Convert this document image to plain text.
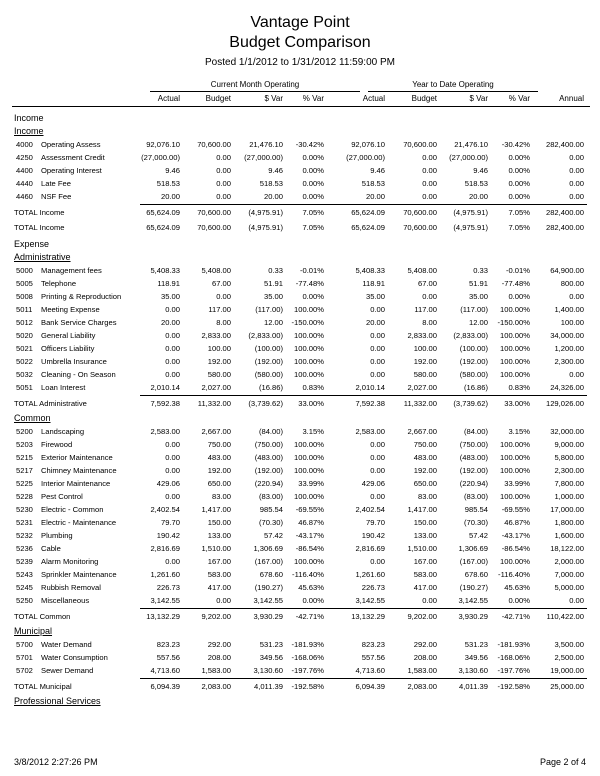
Vantage Point
Budget Comparison
Posted 1/1/2012 to 1/31/2012 11:59:00 PM
Current Month Operating	Year to Date Operating
Actual	Budget	$ Var	% Var	Actual	Budget	$ Var	% Var	Annual
Income
Income
4000 Operating Assess	92,076.10	70,600.00	21,476.10	-30.42%	92,076.10	70,600.00	21,476.10	-30.42%	282,400.00
4250 Assessment Credit	(27,000.00)	0.00	(27,000.00)	0.00%	(27,000.00)	0.00	(27,000.00)	0.00%	0.00
4400 Operating Interest	9.46	0.00	9.46	0.00%	9.46	0.00	9.46	0.00%	0.00
4440 Late Fee	518.53	0.00	518.53	0.00%	518.53	0.00	518.53	0.00%	0.00
4460 NSF Fee	20.00	0.00	20.00	0.00%	20.00	0.00	20.00	0.00%	0.00
TOTAL Income	65,624.09	70,600.00	(4,975.91)	7.05%	65,624.09	70,600.00	(4,975.91)	7.05%	282,400.00
TOTAL Income	65,624.09	70,600.00	(4,975.91)	7.05%	65,624.09	70,600.00	(4,975.91)	7.05%	282,400.00
Expense
Administrative
5000 Management fees	5,408.33	5,408.00	0.33	-0.01%	5,408.33	5,408.00	0.33	-0.01%	64,900.00
5005 Telephone	118.91	67.00	51.91	-77.48%	118.91	67.00	51.91	-77.48%	800.00
5008 Printing & Reproduction	35.00	0.00	35.00	0.00%	35.00	0.00	35.00	0.00%	0.00
5011 Meeting Expense	0.00	117.00	(117.00)	100.00%	0.00	117.00	(117.00)	100.00%	1,400.00
5012 Bank Service Charges	20.00	8.00	12.00	-150.00%	20.00	8.00	12.00	-150.00%	100.00
5020 General Liability	0.00	2,833.00	(2,833.00)	100.00%	0.00	2,833.00	(2,833.00)	100.00%	34,000.00
5021 Officers Liability	0.00	100.00	(100.00)	100.00%	0.00	100.00	(100.00)	100.00%	1,200.00
5022 Umbrella Insurance	0.00	192.00	(192.00)	100.00%	0.00	192.00	(192.00)	100.00%	2,300.00
5032 Cleaning - On Season	0.00	580.00	(580.00)	100.00%	0.00	580.00	(580.00)	100.00%	0.00
5051 Loan Interest	2,010.14	2,027.00	(16.86)	0.83%	2,010.14	2,027.00	(16.86)	0.83%	24,326.00
TOTAL Administrative	7,592.38	11,332.00	(3,739.62)	33.00%	7,592.38	11,332.00	(3,739.62)	33.00%	129,026.00
Common
5200 Landscaping	2,583.00	2,667.00	(84.00)	3.15%	2,583.00	2,667.00	(84.00)	3.15%	32,000.00
5203 Firewood	0.00	750.00	(750.00)	100.00%	0.00	750.00	(750.00)	100.00%	9,000.00
5215 Exterior Maintenance	0.00	483.00	(483.00)	100.00%	0.00	483.00	(483.00)	100.00%	5,800.00
5217 Chimney Maintenance	0.00	192.00	(192.00)	100.00%	0.00	192.00	(192.00)	100.00%	2,300.00
5225 Interior Maintenance	429.06	650.00	(220.94)	33.99%	429.06	650.00	(220.94)	33.99%	7,800.00
5228 Pest Control	0.00	83.00	(83.00)	100.00%	0.00	83.00	(83.00)	100.00%	1,000.00
5230 Electric - Common	2,402.54	1,417.00	985.54	-69.55%	2,402.54	1,417.00	985.54	-69.55%	17,000.00
5231 Electric - Maintenance	79.70	150.00	(70.30)	46.87%	79.70	150.00	(70.30)	46.87%	1,800.00
5232 Plumbing	190.42	133.00	57.42	-43.17%	190.42	133.00	57.42	-43.17%	1,600.00
5236 Cable	2,816.69	1,510.00	1,306.69	-86.54%	2,816.69	1,510.00	1,306.69	-86.54%	18,122.00
5239 Alarm Monitoring	0.00	167.00	(167.00)	100.00%	0.00	167.00	(167.00)	100.00%	2,000.00
5243 Sprinkler Maintenance	1,261.60	583.00	678.60	-116.40%	1,261.60	583.00	678.60	-116.40%	7,000.00
5245 Rubbish Removal	226.73	417.00	(190.27)	45.63%	226.73	417.00	(190.27)	45.63%	5,000.00
5250 Miscellaneous	3,142.55	0.00	3,142.55	0.00%	3,142.55	0.00	3,142.55	0.00%	0.00
TOTAL Common	13,132.29	9,202.00	3,930.29	-42.71%	13,132.29	9,202.00	3,930.29	-42.71%	110,422.00
Municipal
5700 Water Demand	823.23	292.00	531.23	-181.93%	823.23	292.00	531.23	-181.93%	3,500.00
5701 Water Consumption	557.56	208.00	349.56	-168.06%	557.56	208.00	349.56	-168.06%	2,500.00
5702 Sewer Demand	4,713.60	1,583.00	3,130.60	-197.76%	4,713.60	1,583.00	3,130.60	-197.76%	19,000.00
TOTAL Municipal	6,094.39	2,083.00	4,011.39	-192.58%	6,094.39	2,083.00	4,011.39	-192.58%	25,000.00
Professional Services
3/8/2012 2:27:26 PM	Page 2 of 4
